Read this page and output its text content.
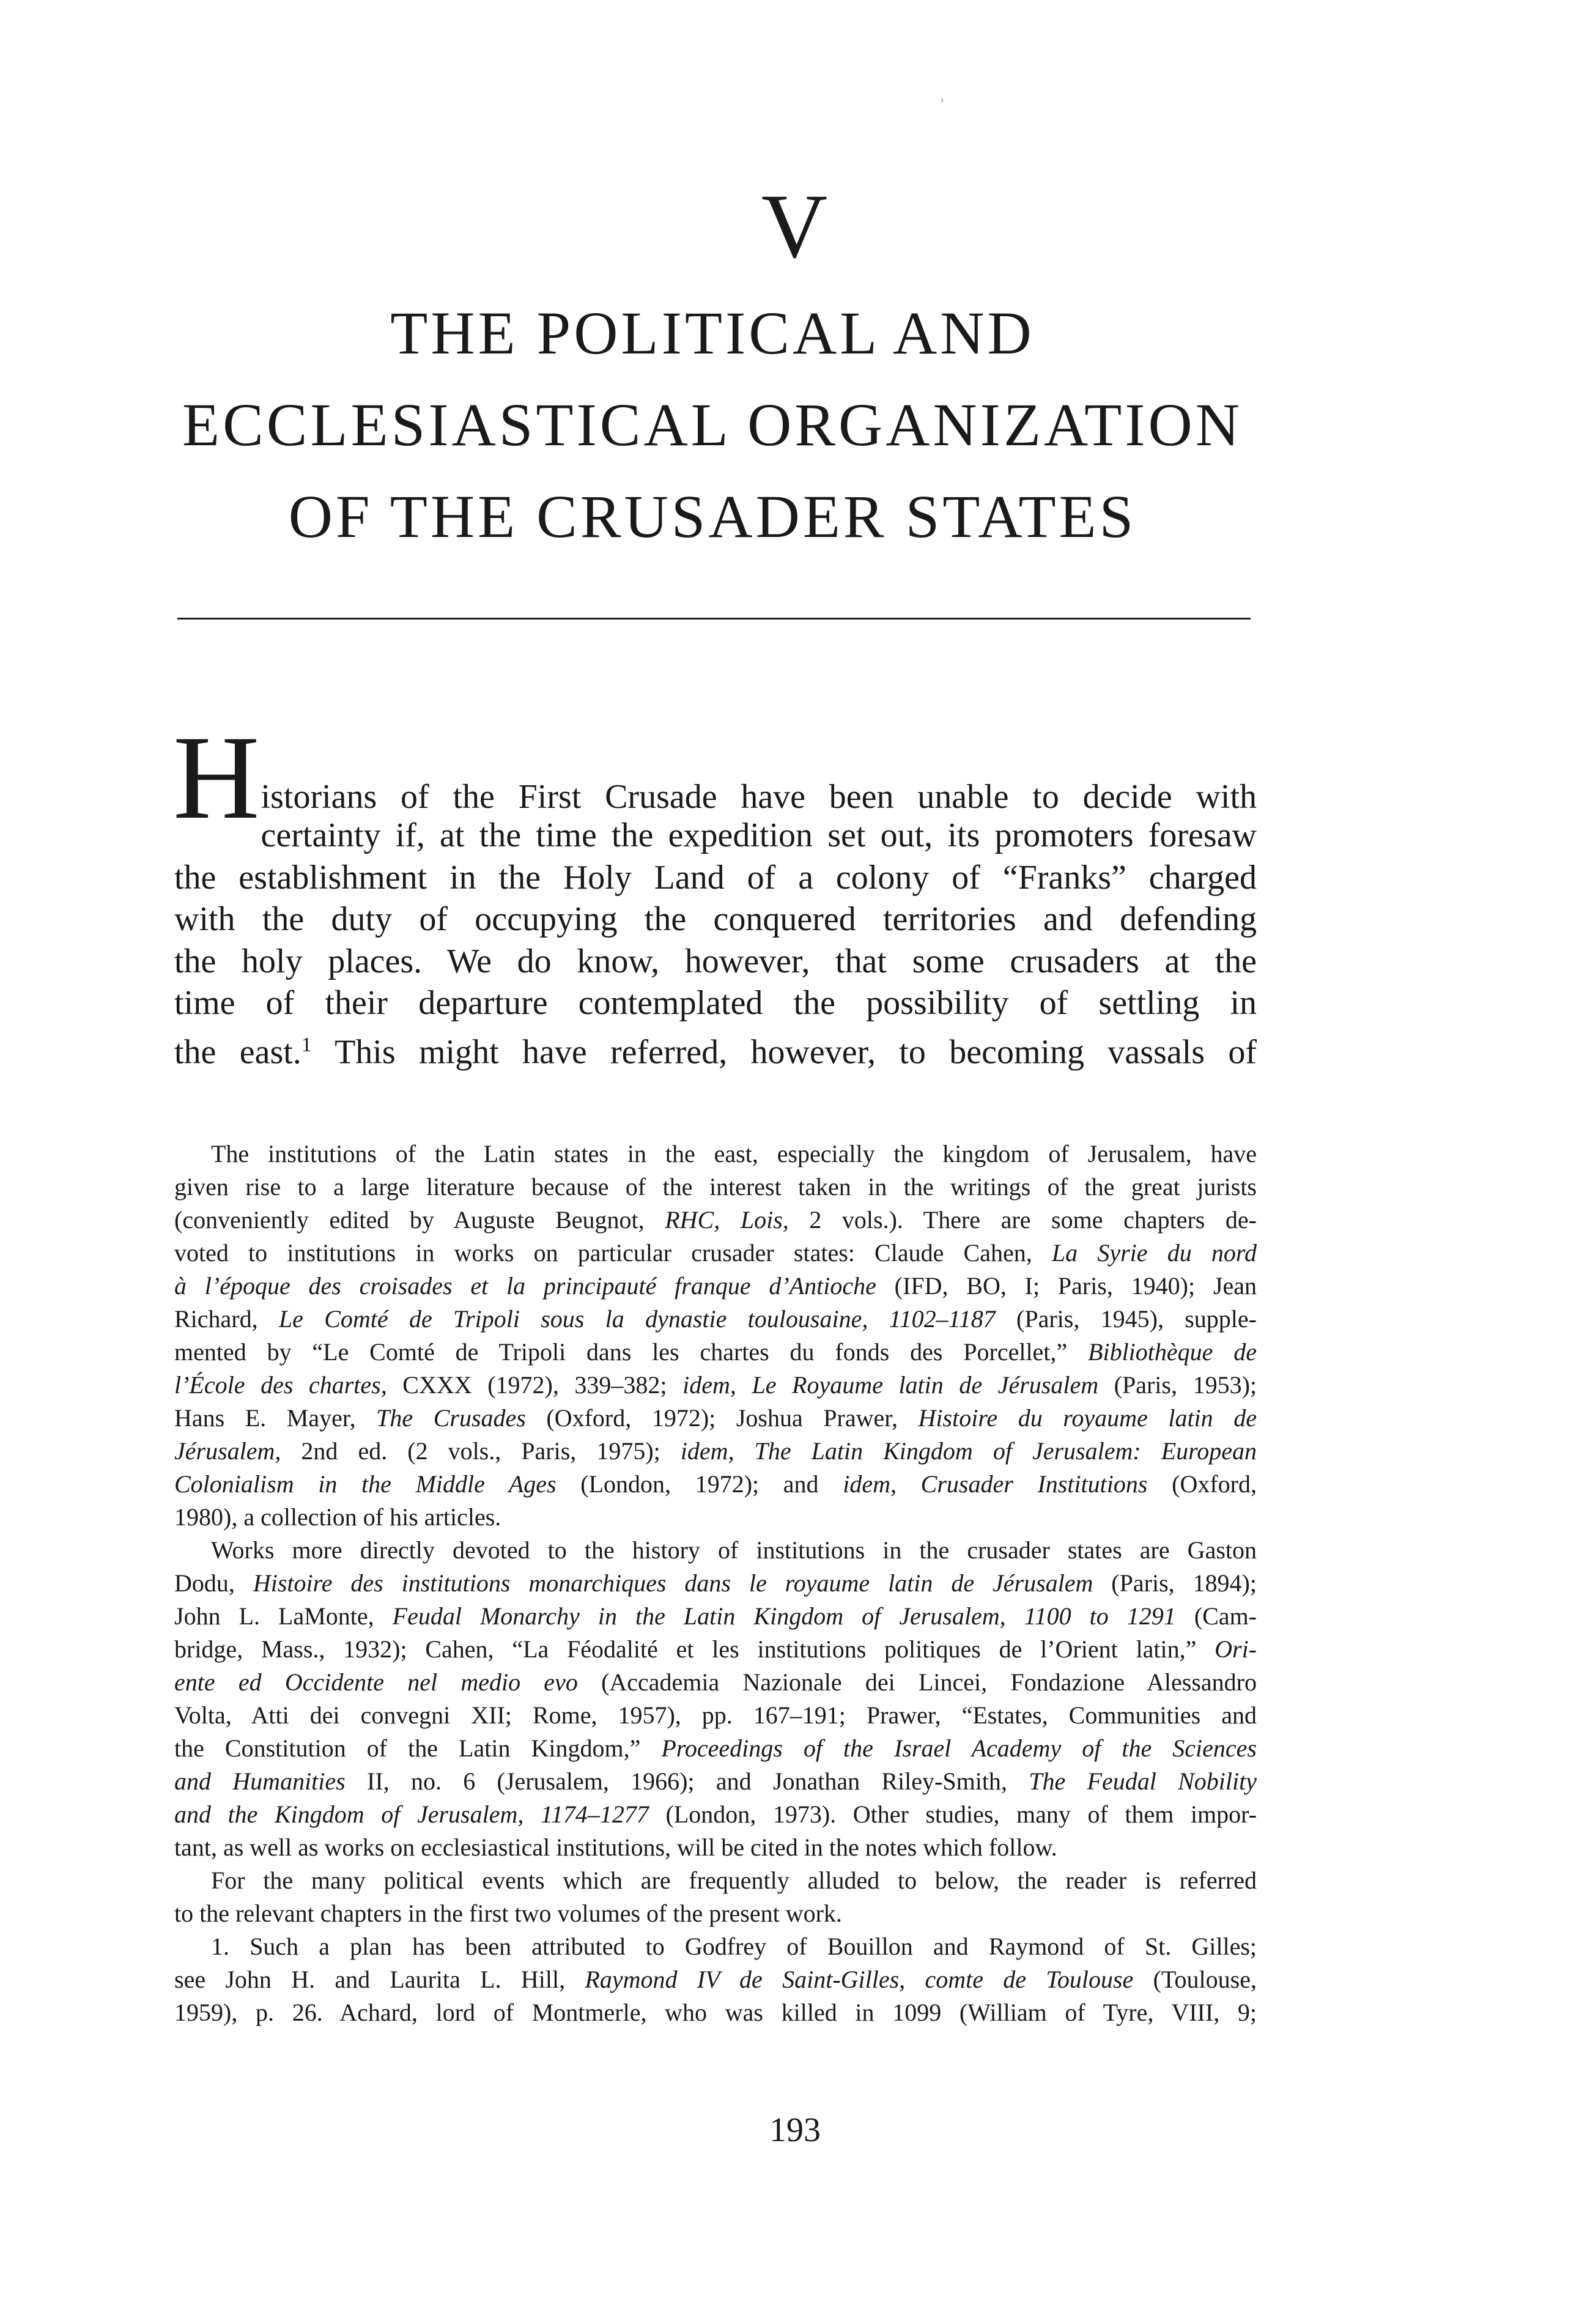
˒
V
THE POLITICAL AND
ECCLESIASTICAL ORGANIZATION
OF THE CRUSADER STATES
H istorians of the First Crusade have been unable to decide with
certainty if, at the time the expedition set out, its promoters foresaw
the establishment in the Holy Land of a colony of “Franks” charged
with the duty of occupying the conquered territories and defending
the holy places. We do know, however, that some crusaders at the
time of their departure contemplated the possibility of settling in
the east.$^1$ This might have referred, however, to becoming vassals of
The institutions of the Latin states in the east, especially the kingdom of Jerusalem, have
given rise to a large literature because of the interest taken in the writings of the great jurists
(conveniently edited by Auguste Beugnot, RHC, Lois, 2 vols.). There are some chapters de-
voted to institutions in works on particular crusader states: Claude Cahen, La Syrie du nord
à l’époque des croisades et la principauté franque d’Antioche (IFD, BO, I; Paris, 1940); Jean
Richard, Le Comté de Tripoli sous la dynastie toulousaine, 1102–1187 (Paris, 1945), supple-
mented by “Le Comté de Tripoli dans les chartes du fonds des Porcellet,” Bibliothèque de
l’École des chartes, CXXX (1972), 339–382; idem, Le Royaume latin de Jérusalem (Paris, 1953);
Hans E. Mayer, The Crusades (Oxford, 1972); Joshua Prawer, Histoire du royaume latin de
Jérusalem, 2nd ed. (2 vols., Paris, 1975); idem, The Latin Kingdom of Jerusalem: European
Colonialism in the Middle Ages (London, 1972); and idem, Crusader Institutions (Oxford,
1980), a collection of his articles.
Works more directly devoted to the history of institutions in the crusader states are Gaston
Dodu, Histoire des institutions monarchiques dans le royaume latin de Jérusalem (Paris, 1894);
John L. LaMonte, Feudal Monarchy in the Latin Kingdom of Jerusalem, 1100 to 1291 (Cam-
bridge, Mass., 1932); Cahen, “La Féodalité et les institutions politiques de l’Orient latin,” Ori-
ente ed Occidente nel medio evo (Accademia Nazionale dei Lincei, Fondazione Alessandro
Volta, Atti dei convegni XII; Rome, 1957), pp. 167–191; Prawer, “Estates, Communities and
the Constitution of the Latin Kingdom,” Proceedings of the Israel Academy of the Sciences
and Humanities II, no. 6 (Jerusalem, 1966); and Jonathan Riley-Smith, The Feudal Nobility
and the Kingdom of Jerusalem, 1174–1277 (London, 1973). Other studies, many of them impor-
tant, as well as works on ecclesiastical institutions, will be cited in the notes which follow.
For the many political events which are frequently alluded to below, the reader is referred
to the relevant chapters in the first two volumes of the present work.
1. Such a plan has been attributed to Godfrey of Bouillon and Raymond of St. Gilles;
see John H. and Laurita L. Hill, Raymond IV de Saint-Gilles, comte de Toulouse (Toulouse,
1959), p. 26. Achard, lord of Montmerle, who was killed in 1099 (William of Tyre, VIII, 9;
193
